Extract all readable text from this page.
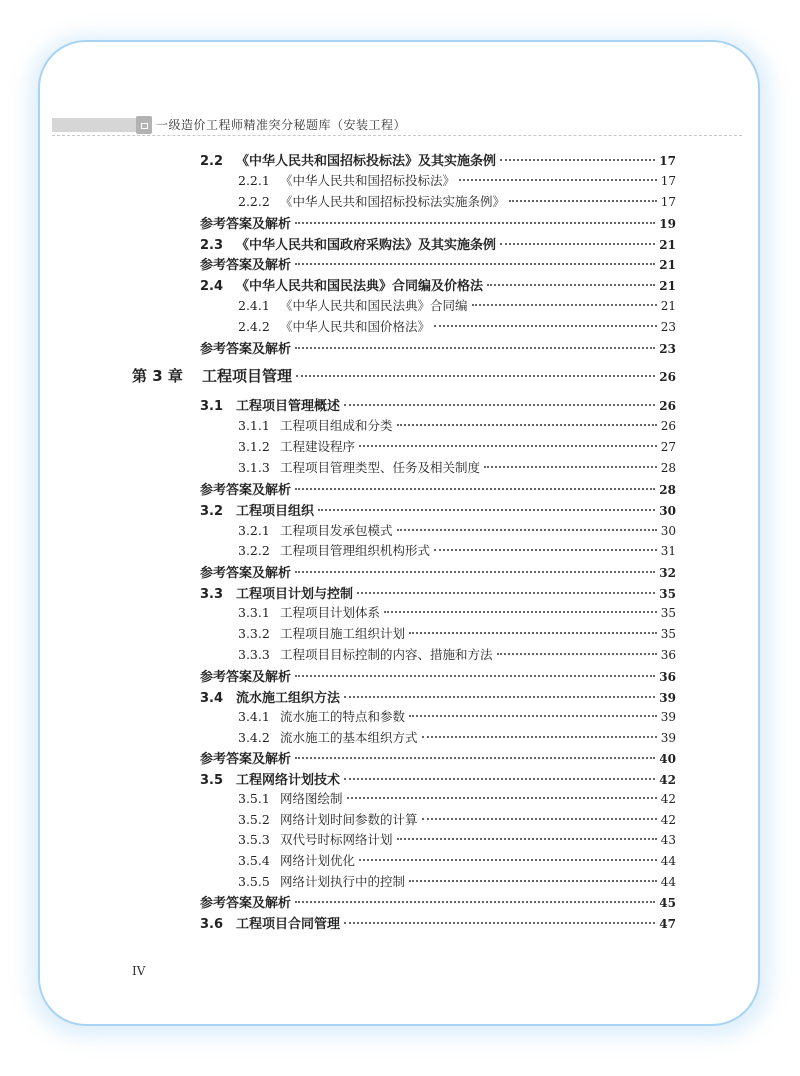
一级造价工程师精准突分秘题库（安装工程）
2.2 《中华人民共和国招标投标法》及其实施条例	17
2.2.1 《中华人民共和国招标投标法》	17
2.2.2 《中华人民共和国招标投标法实施条例》	17
参考答案及解析	19
2.3 《中华人民共和国政府采购法》及其实施条例	21
参考答案及解析	21
2.4 《中华人民共和国民法典》合同编及价格法	21
2.4.1 《中华人民共和国民法典》合同编	21
2.4.2 《中华人民共和国价格法》	23
参考答案及解析	23
第 3 章	工程项目管理	26
3.1 工程项目管理概述	26
3.1.1 工程项目组成和分类	26
3.1.2 工程建设程序	27
3.1.3 工程项目管理类型、任务及相关制度	28
参考答案及解析	28
3.2 工程项目组织	30
3.2.1 工程项目发承包模式	30
3.2.2 工程项目管理组织机构形式	31
参考答案及解析	32
3.3 工程项目计划与控制	35
3.3.1 工程项目计划体系	35
3.3.2 工程项目施工组织计划	35
3.3.3 工程项目目标控制的内容、措施和方法	36
参考答案及解析	36
3.4 流水施工组织方法	39
3.4.1 流水施工的特点和参数	39
3.4.2 流水施工的基本组织方式	39
参考答案及解析	40
3.5 工程网络计划技术	42
3.5.1 网络图绘制	42
3.5.2 网络计划时间参数的计算	42
3.5.3 双代号时标网络计划	43
3.5.4 网络计划优化	44
3.5.5 网络计划执行中的控制	44
参考答案及解析	45
3.6 工程项目合同管理	47
IV
